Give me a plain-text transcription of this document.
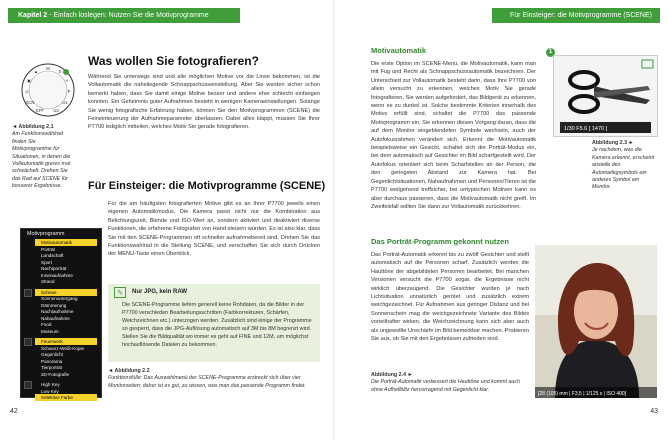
Kapitel 2 · Einfach loslegen: Nutzen Sie die Motivprogramme	Für Einsteiger: die Motivprogramme (SCENE)
M
S
A
P
U1
U2
EFF
SCN
◎
▣
▲
◄ Abbildung 2.1
Am Funktionswählrad finden Sie Motivprogramme für Situationen, in denen die Vollautomatik greres mal schwächelt. Drehen Sie das Rad auf SCENE für besserer Ergebnisse.
Was wollen Sie fotografieren?

Während Sie unterwegs sind und alle möglichen Motive vor die Linse bekommen, ist die Vollautomatik die naheliegende Schnappschusseinstellung. Aber Sie werden sicher schon bemerkt haben, dass Sie damit einige Motive besser und andere eher schlecht einfangen konnten. Ein Geheimnis guter Aufnahmen besteht in wenigen Kameraeinstellungen. Solange Sie wenig fotografische Erfahrung haben, können Sie den Motivprogrammen (SCENE) die Feineinteuerung der Aufnahmeparameter überlassen. Dabei alles klappt, müssen Sie Ihrer P7700 lediglich mitteilen, welches Motiv Sie gerade fotografieren.

Für Einsteiger: die Motivprogramme (SCENE)

Für die am häufigsten fotografierten Motive gibt es an Ihrer P7700 jeweils einen eigenen Automatikmodus. Die Kamera passt nicht nur die Kombination aus Belichtungszeit, Blende und ISO-Wert an, sondern aktiviert und deaktiviert diverse Funktionen, die erfahrene Fotografen von Hand steuern würden. Es ist also klar, dass Sie mit den SCENE-Programmen oft schneller aufnahmebereit sind. Drehen Sie das Funktionswahlrad in die Stellung SCENE, und verschaffen Sie sich durch Drücken der MENU-Taste einen Überblick.

Motivprogramm
Motivautomatik
Porträt
Landschaft
Sport
Nachtporträt
Innenaufnahme
Strand
Schnee
Sonnenuntergang
Dämmerung
Nachtaufnahme
Nahaufnahme
Food
Museum
Feuerwerk
Schwarz-Weiß-Kopie
Gegenlicht
Panorama
Tierporträt
3D-Fotografie
High Key
Low Key
Selektive Farbe
✎	Nur JPG, kein RAW
Die SCENE-Programme liefern generell keine Rohdaten, da die Bilder in der P7700 verschieden Bearbeitungsschritten (Farbkorrekturen, Schärfen, Weichzeichnen etc.) unterzogen werden. Zusätzlich sind einige der Programme so gesperrt, dass die JPG-Auflösung automatisch auf 3M bis 8M begrenzt wird. Stellen Sie die Bildqualität wo immer es geht auf FINE und 12M, um möglichst hochauflösende Dateien zu bekommen.
◄ Abbildung 2.2
Funktionsfülle: Das Auswahlmenü der SCENE-Programme erstreckt sich über vier Monitorseiten; daher ist es gut, zu wissen, was man das passende Programm findet.
42
Motivautomatik

Die erste Option im SCENE-Menü, die Motivautomatik, kann man mit Fug und Recht als Schnappschussautomatik bezeichnen. Der Unterschied zur Vollautomatik besteht darin, dass Ihre P7700 von allein versucht zu erkennen, welches Motiv Sie gerade fotografieren. Sie werden aufgefordert, das Bildgerät zu erkennen, wenn es zu dunkel ist. Solche bestimmte Kriterien innerhalb des Motivs erfüllt sind, schaltet die P7700 das passende Motivprogramm ein. Sie erkennen diesen Vorgang daran, dass die auf dem Monitor eingeblendeten Symbole wechseln, auch der Autofokusrahmen verändert sich. Erkennt die Motivautomatik beispielsweise ein Gesicht, schaltet sich der Porträt-Modus ein, bei dem automatisch auf Gesichter im Bild scharfgestellt wird. Der Autofokus orientiert sich beim Scharfstellen an der Person, die den geringsten Abstand zur Kamera hat. Bei Gegenlichtsituationen, Nahaufnahmen und Personen/Tieren ist die P7700 weitgehend treffsicher, bei untypischen Motiven kann es aber durchaus passieren, dass die Motivautomatik nicht greift. Im Zweifelsfall sollten Sie dann zur Vollautomatik zurückkehren.

1
1/30 F5.6 [ 1470 ]
Abbildung 2.3 ►
Je nachdem, was die Kamera erkennt, erscheint anstelle des Automatikgsymbols ein anderes Symbol am Monitor.
Das Porträt-Programm gekonnt nutzen

Das Porträt-Automatik erkennt bis zu zwölf Gesichter und stellt automatisch auf die Personen scharf. Zusätzlich werden die Hauttöne der abgebildeten Personen bearbeitet. Bei manchen Versionen versucht die P7700 sogar, die Ergebnisse nicht wirklich überzeugend. Die Gesichter wurden je nach Lichtsituation unnatürlich gerötet und zusätzlich extrem weichgezeichnet. Für Aufnahmen aus geringer Distanz und bei Sonnenschein mag die weichgezeichnete Variante des Bildes vorteilhafter wirken, die Weichzeichnung kann sich aber auch als ungewollte Unschärfe im Bild bemerkbar machen. Probieren Sie aus, ob Sie mit den Ergebnissen zufrieden sind.

Abbildung 2.4 ►
Die Porträt-Automatik verbessert die Hauttöne und kommt auch ohne Aufhellblitz hervorragend mit Gegenlicht klar.
[28 (105) mm | F3,5 | 1/125 s | ISO 400]
43
